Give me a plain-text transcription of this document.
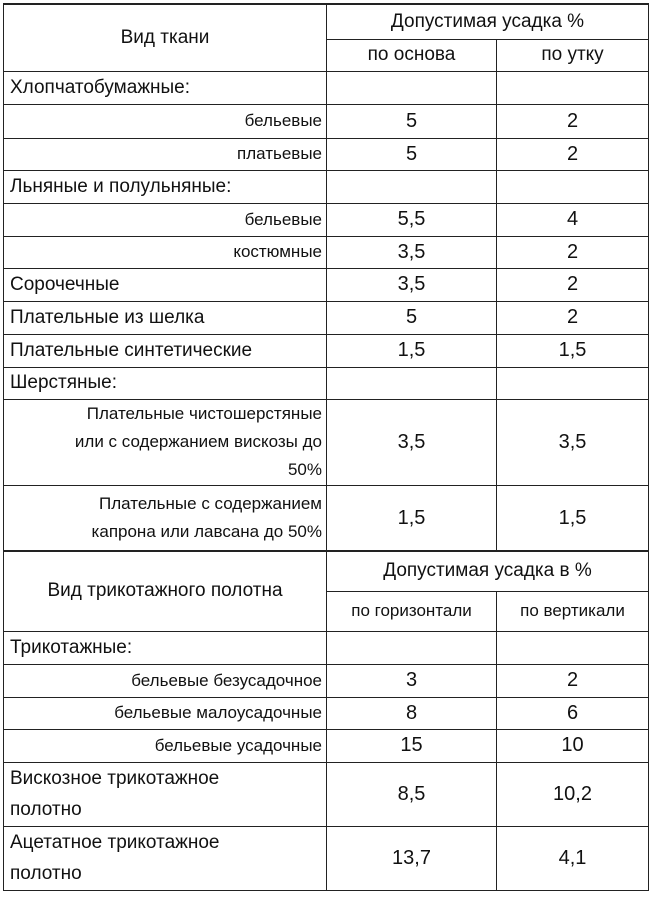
Вид ткани	Допустимая усадка %	
	по основа	по утку
Хлопчатобумажные:		
бельевые	5	2
платьевые	5	2
Льняные и полульняные:		
бельевые	5,5	4
костюмные	3,5	2
Сорочечные	3,5	2
Плательные из шелка	5	2
Плательные синтетические	1,5	1,5
Шерстяные:		

Плательные чистошерстяные
или с содержанием вискозы до
50%	3,5	3,5

Плательные с содержанием
капрона или лавсана до 50%	1,5	1,5
Вид трикотажного полотна	Допустимая усадка в %	
	по горизонтали	по вертикали
Трикотажные:		
бельевые безусадочное	3	2
бельевые малоусадочные	8	6
бельевые усадочные	15	10

Вискозное трикотажное
полотно	8,5	10,2

Ацетатное трикотажное
полотно	13,7	4,1
